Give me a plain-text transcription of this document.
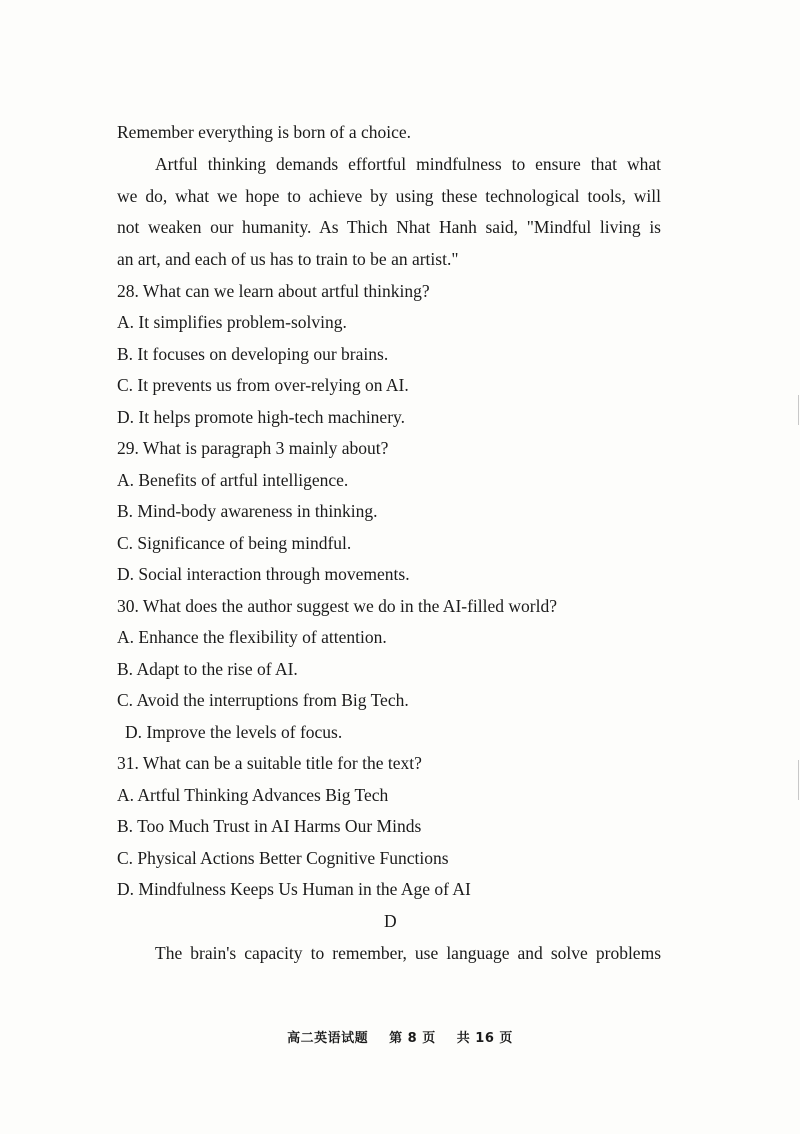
Remember everything is born of a choice.
Artful thinking demands effortful mindfulness to ensure that what
we do, what we hope to achieve by using these technological tools, will
not weaken our humanity. As Thich Nhat Hanh said, "Mindful living is
an art, and each of us has to train to be an artist."
28. What can we learn about artful thinking?
A. It simplifies problem-solving.
B. It focuses on developing our brains.
C. It prevents us from over-relying on AI.
D. It helps promote high-tech machinery.
29. What is paragraph 3 mainly about?
A. Benefits of artful intelligence.
B. Mind-body awareness in thinking.
C. Significance of being mindful.
D. Social interaction through movements.
30. What does the author suggest we do in the AI-filled world?
A. Enhance the flexibility of attention.
B. Adapt to the rise of AI.
C. Avoid the interruptions from Big Tech.
D. Improve the levels of focus.
31. What can be a suitable title for the text?
A. Artful Thinking Advances Big Tech
B. Too Much Trust in AI Harms Our Minds
C. Physical Actions Better Cognitive Functions
D. Mindfulness Keeps Us Human in the Age of AI
D
The brain's capacity to remember, use language and solve problems
高二英语试题 第 8 页 共 16 页
